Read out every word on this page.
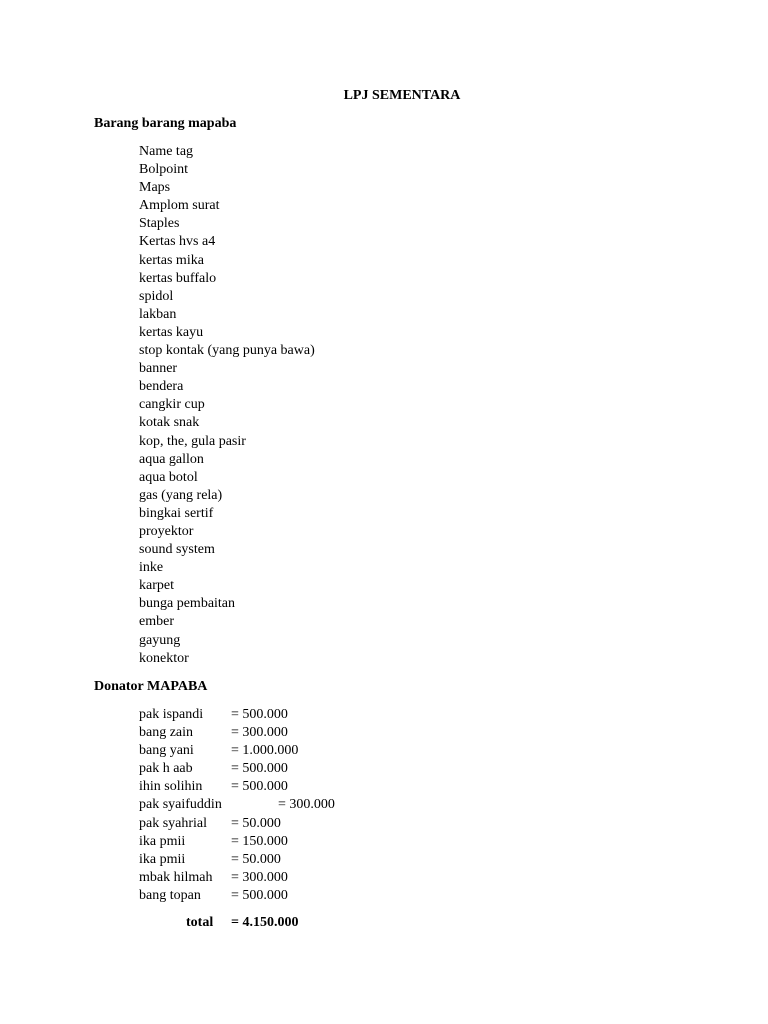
LPJ SEMENTARA
Barang barang mapaba
Name tag
Bolpoint
Maps
Amplom surat
Staples
Kertas hvs a4
kertas mika
kertas buffalo
spidol
lakban
kertas kayu
stop kontak (yang punya bawa)
banner
bendera
cangkir cup
kotak snak
kop, the, gula pasir
aqua gallon
aqua botol
gas (yang rela)
bingkai sertif
proyektor
sound system
inke
karpet
bunga pembaitan
ember
gayung
konektor
Donator MAPABA
pak ispandi = 500.000
bang zain	= 300.000
bang yani	= 1.000.000
pak h aab	= 500.000
ihin solihin = 500.000
pak syaifuddin	= 300.000
pak syahrial = 50.000
ika pmii	= 150.000
ika pmii	= 50.000
mbak hilmah = 300.000
bang topan = 500.000
total = 4.150.000
